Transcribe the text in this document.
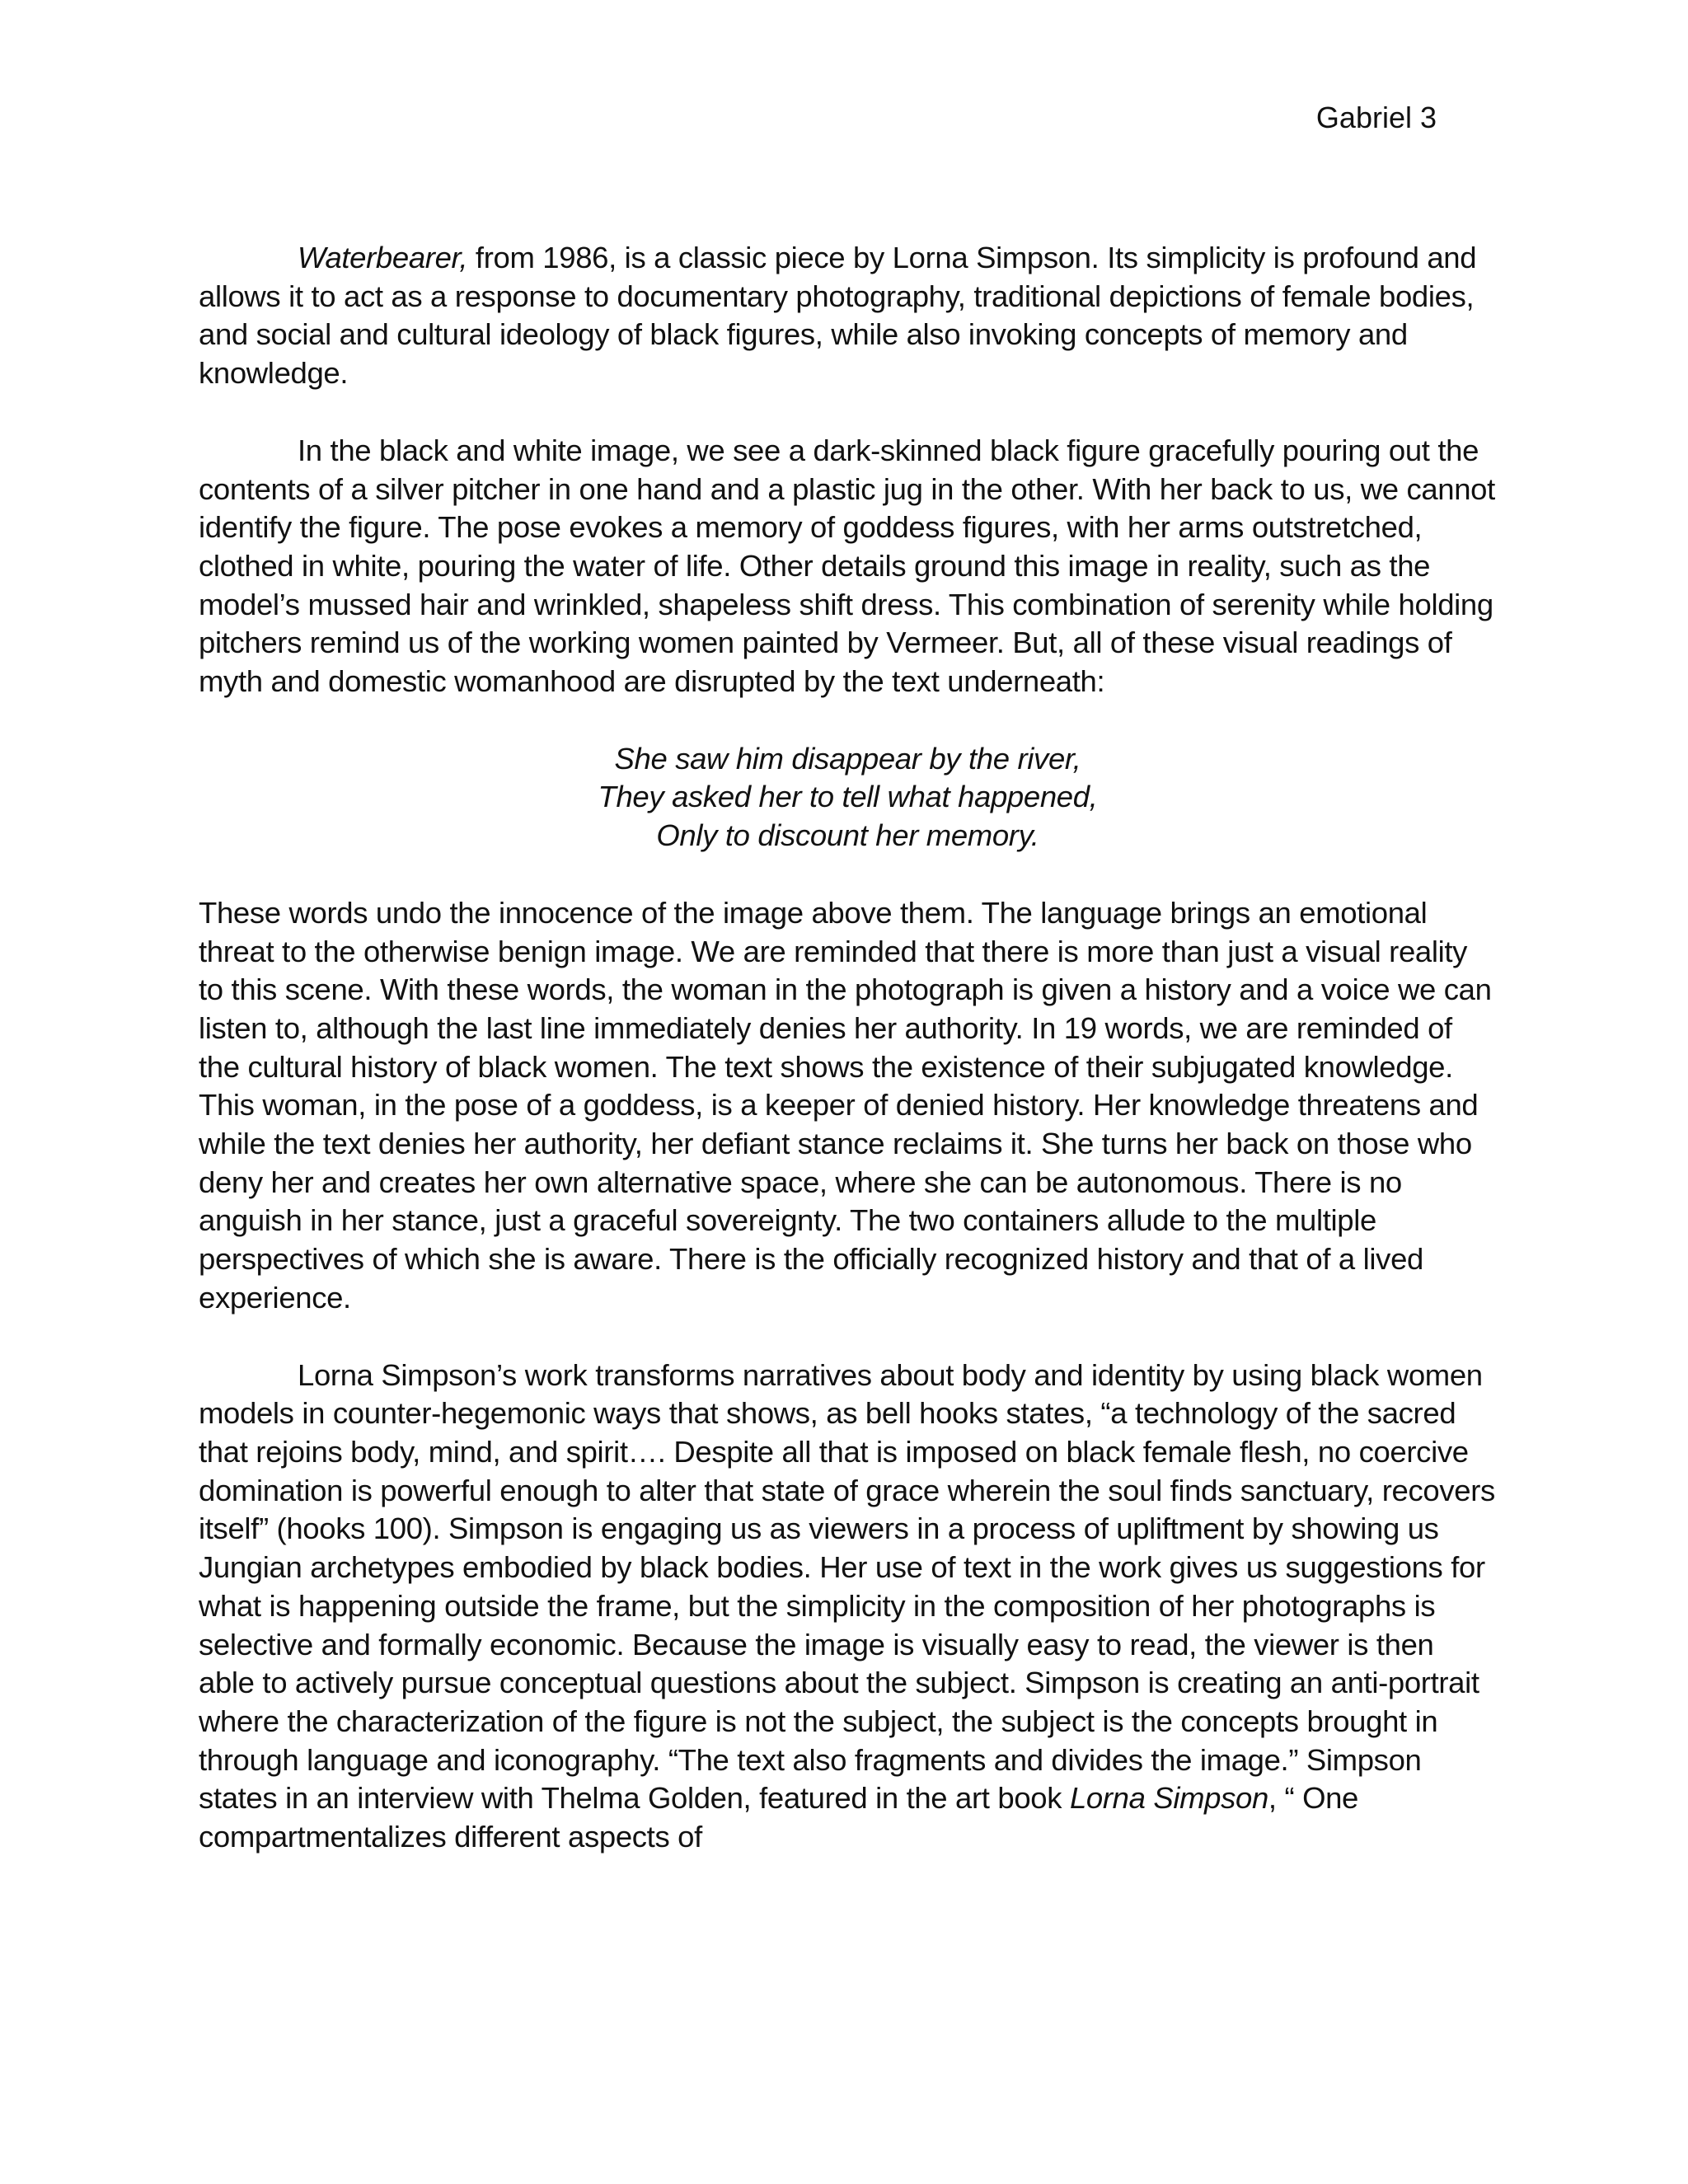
Gabriel 3

Waterbearer, from 1986, is a classic piece by Lorna Simpson. Its simplicity is profound and allows it to act as a response to documentary photography, traditional depictions of female bodies, and social and cultural ideology of black figures, while also invoking concepts of memory and knowledge.

In the black and white image, we see a dark-skinned black figure gracefully pouring out the contents of a silver pitcher in one hand and a plastic jug in the other. With her back to us, we cannot identify the figure. The pose evokes a memory of goddess figures, with her arms outstretched, clothed in white, pouring the water of life. Other details ground this image in reality, such as the model’s mussed hair and wrinkled, shapeless shift dress. This combination of serenity while holding pitchers remind us of the working women painted by Vermeer. But, all of these visual readings of myth and domestic womanhood are disrupted by the text underneath:

She saw him disappear by the river,
They asked her to tell what happened,
Only to discount her memory.

These words undo the innocence of the image above them. The language brings an emotional threat to the otherwise benign image. We are reminded that there is more than just a visual reality to this scene. With these words, the woman in the photograph is given a history and a voice we can listen to, although the last line immediately denies her authority. In 19 words, we are reminded of the cultural history of black women. The text shows the existence of their subjugated knowledge. This woman, in the pose of a goddess, is a keeper of denied history. Her knowledge threatens and while the text denies her authority, her defiant stance reclaims it. She turns her back on those who deny her and creates her own alternative space, where she can be autonomous. There is no anguish in her stance, just a graceful sovereignty. The two containers allude to the multiple perspectives of which she is aware. There is the officially recognized history and that of a lived experience.

Lorna Simpson’s work transforms narratives about body and identity by using black women models in counter-hegemonic ways that shows, as bell hooks states, “a technology of the sacred that rejoins body, mind, and spirit…. Despite all that is imposed on black female flesh, no coercive domination is powerful enough to alter that state of grace wherein the soul finds sanctuary, recovers itself” (hooks 100). Simpson is engaging us as viewers in a process of upliftment by showing us Jungian archetypes embodied by black bodies. Her use of text in the work gives us suggestions for what is happening outside the frame, but the simplicity in the composition of her photographs is selective and formally economic. Because the image is visually easy to read, the viewer is then able to actively pursue conceptual questions about the subject. Simpson is creating an anti-portrait where the characterization of the figure is not the subject, the subject is the concepts brought in through language and iconography. “The text also fragments and divides the image.” Simpson states in an interview with Thelma Golden, featured in the art book Lorna Simpson, “ One compartmentalizes different aspects of
